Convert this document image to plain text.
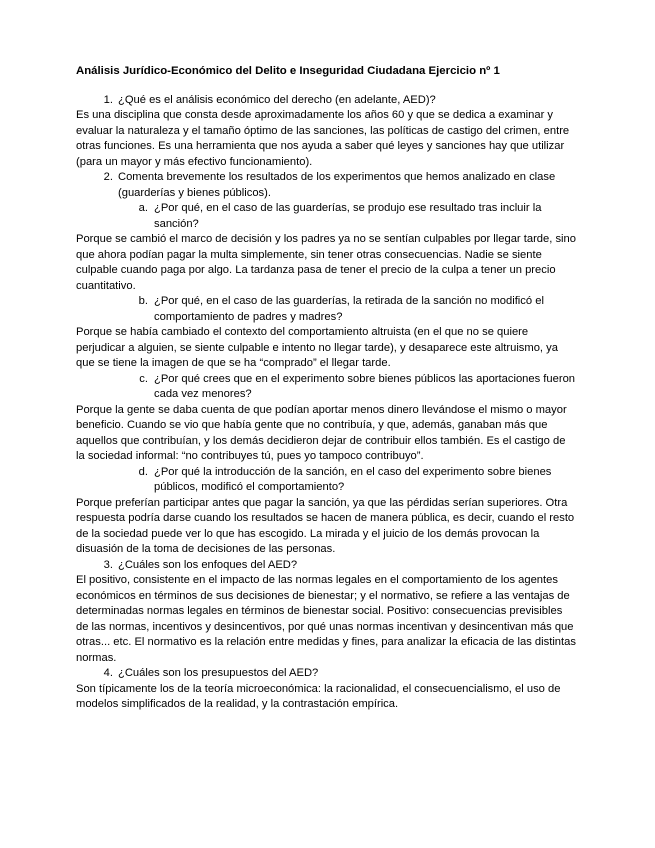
Análisis Jurídico-Económico del Delito e Inseguridad Ciudadana Ejercicio nº 1

1. ¿Qué es el análisis económico del derecho (en adelante, AED)?

Es una disciplina que consta desde aproximadamente los años 60 y que se dedica a examinar y evaluar la naturaleza y el tamaño óptimo de las sanciones, las políticas de castigo del crimen, entre otras funciones. Es una herramienta que nos ayuda a saber qué leyes y sanciones hay que utilizar (para un mayor y más efectivo funcionamiento).

2. Comenta brevemente los resultados de los experimentos que hemos analizado en clase (guarderías y bienes públicos).
a. ¿Por qué, en el caso de las guarderías, se produjo ese resultado tras incluir la sanción?

Porque se cambió el marco de decisión y los padres ya no se sentían culpables por llegar tarde, sino que ahora podían pagar la multa simplemente, sin tener otras consecuencias. Nadie se siente culpable cuando paga por algo. La tardanza pasa de tener el precio de la culpa a tener un precio cuantitativo.

b. ¿Por qué, en el caso de las guarderías, la retirada de la sanción no modificó el comportamiento de padres y madres?

Porque se había cambiado el contexto del comportamiento altruista (en el que no se quiere perjudicar a alguien, se siente culpable e intento no llegar tarde), y desaparece este altruismo, ya que se tiene la imagen de que se ha “comprado” el llegar tarde.

c. ¿Por qué crees que en el experimento sobre bienes públicos las aportaciones fueron cada vez menores?

Porque la gente se daba cuenta de que podían aportar menos dinero llevándose el mismo o mayor beneficio. Cuando se vio que había gente que no contribuía, y que, además, ganaban más que aquellos que contribuían, y los demás decidieron dejar de contribuir ellos también. Es el castigo de la sociedad informal: “no contribuyes tú, pues yo tampoco contribuyo”.

d. ¿Por qué la introducción de la sanción, en el caso del experimento sobre bienes públicos, modificó el comportamiento?

Porque preferían participar antes que pagar la sanción, ya que las pérdidas serían superiores. Otra respuesta podría darse cuando los resultados se hacen de manera pública, es decir, cuando el resto de la sociedad puede ver lo que has escogido. La mirada y el juicio de los demás provocan la disuasión de la toma de decisiones de las personas.

3. ¿Cuáles son los enfoques del AED?

El positivo, consistente en el impacto de las normas legales en el comportamiento de los agentes económicos en términos de sus decisiones de bienestar; y el normativo, se refiere a las ventajas de determinadas normas legales en términos de bienestar social. Positivo: consecuencias previsibles de las normas, incentivos y desincentivos, por qué unas normas incentivan y desincentivan más que otras... etc. El normativo es la relación entre medidas y fines, para analizar la eficacia de las distintas normas.

4. ¿Cuáles son los presupuestos del AED?

Son típicamente los de la teoría microeconómica: la racionalidad, el consecuencialismo, el uso de modelos simplificados de la realidad, y la contrastación empírica.
